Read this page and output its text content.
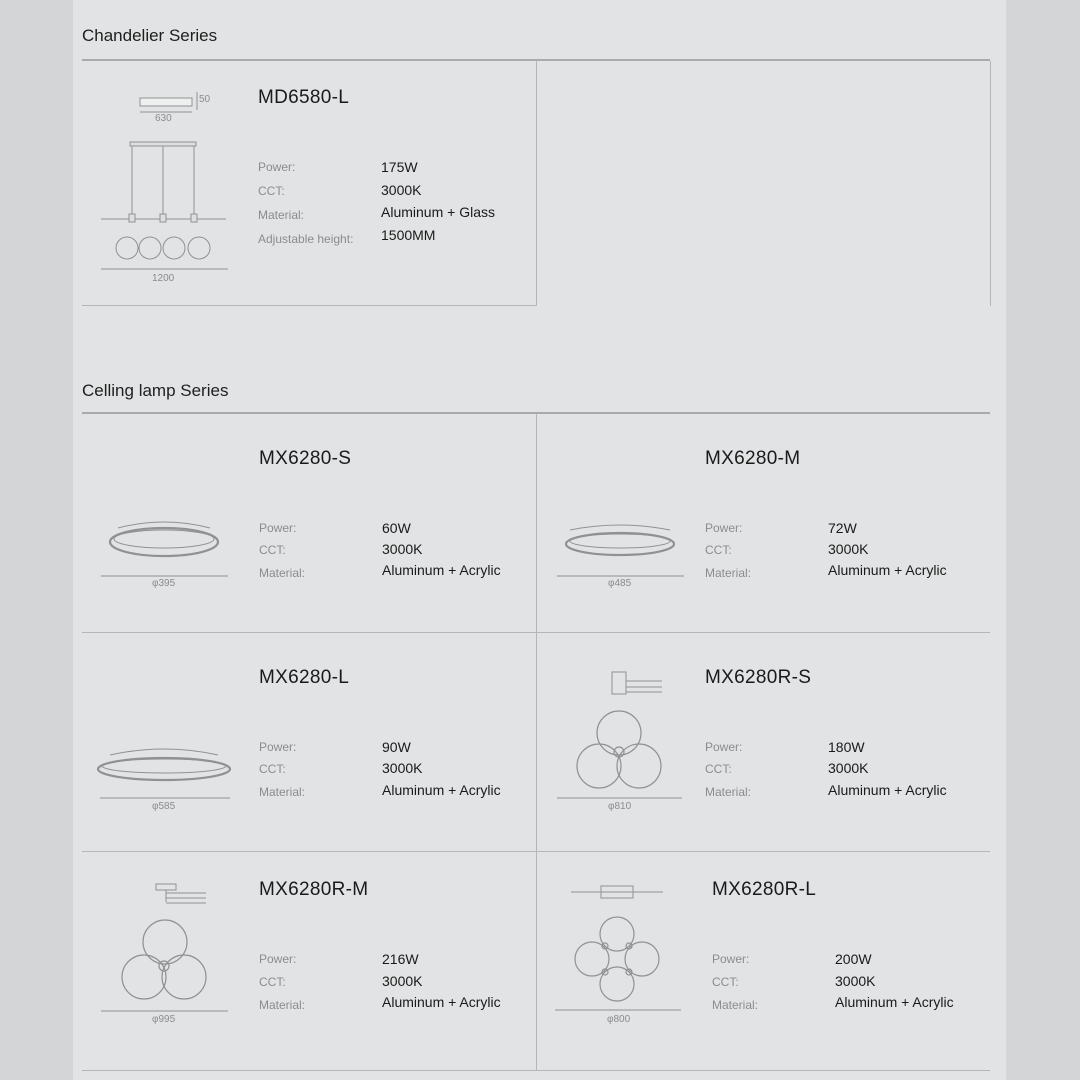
Chandelier Series
50
630
1200
MD6580-L
Power:	175W
CCT:	3000K
Material:	Aluminum + Glass
Adjustable height: 1500MM
Celling lamp Series
φ395
MX6280-S
Power:	60W
CCT:	3000K
Material:	Aluminum + Acrylic
φ485
MX6280-M
Power:	72W
CCT:	3000K
Material:	Aluminum + Acrylic
φ585
MX6280-L
Power:	90W
CCT:	3000K
Material:	Aluminum + Acrylic
φ810
MX6280R-S
Power:	180W
CCT:	3000K
Material:	Aluminum + Acrylic
φ995
MX6280R-M
Power:	216W
CCT:	3000K
Material:	Aluminum + Acrylic
φ800
MX6280R-L
Power:	200W
CCT:	3000K
Material:	Aluminum + Acrylic
